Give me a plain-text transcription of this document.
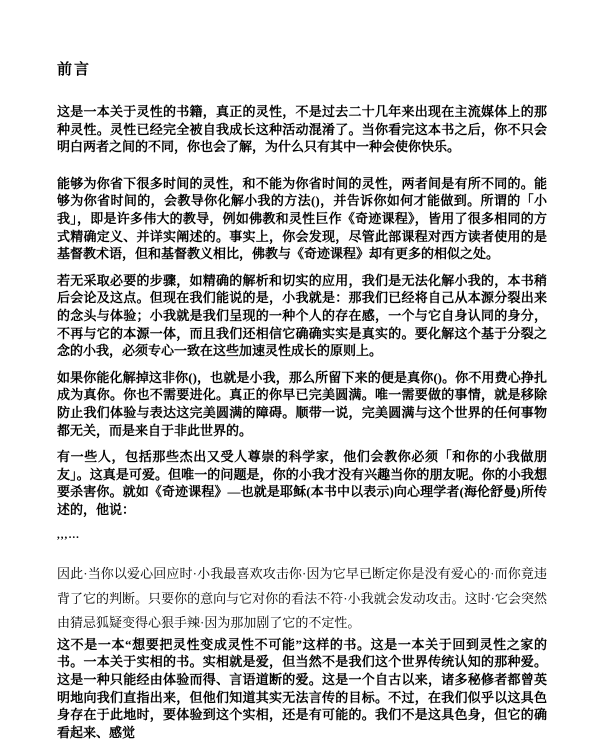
前言

这是一本关于灵性的书籍，真正的灵性，不是过去二十几年来出现在主流媒体上的那种灵性。灵性已经完全被自我成长这种活动混淆了。当你看完这本书之后，你不只会明白两者之间的不同，你也会了解，为什么只有其中一种会使你快乐。

能够为你省下很多时间的灵性，和不能为你省时间的灵性，两者间是有所不同的。能够为你省时间的，会教导你化解小我的方法()，并告诉你如何才能做到。所谓的「小我」，即是许多伟大的教导，例如佛教和灵性巨作《奇迹课程》，皆用了很多相同的方式精确定义、并详实阐述的。事实上，你会发现，尽管此部课程对西方读者使用的是基督教术语，但和基督教义相比，佛教与《奇迹课程》却有更多的相似之处。

若无采取必要的步骤，如精确的解析和切实的应用，我们是无法化解小我的，本书稍后会论及这点。但现在我们能说的是，小我就是：那我们已经将自己从本源分裂出来的念头与体验；小我就是我们呈现的一种个人的存在感，一个与它自身认同的身分，不再与它的本源一体，而且我们还相信它确确实实是真实的。要化解这个基于分裂之念的小我，必须专心一致在这些加速灵性成长的原则上。

如果你能化解掉这非你()，也就是小我，那么所留下来的便是真你()。你不用费心挣扎成为真你。你也不需要进化。真正的你早已完美圆满。唯一需要做的事情，就是移除防止我们体验与表达这完美圆满的障碍。顺带一说，完美圆满与这个世界的任何事物都无关，而是来自于非此世界的。

有一些人，包括那些杰出又受人尊崇的科学家，他们会教你必须「和你的小我做朋友」。这真是可爱。但唯一的问题是，你的小我才没有兴趣当你的朋友呢。你的小我想要杀害你。就如《奇迹课程》—也就是耶稣(本书中以表示)向心理学者(海伦舒曼)所传述的，他说：

,,,…

因此·当你以爱心回应时·小我最喜欢攻击你·因为它早已断定你是没有爱心的·而你竟违背了它的判断。只要你的意向与它对你的看法不符·小我就会发动攻击。这时·它会突然由猜忌狐疑变得心狠手辣·因为那加剧了它的不定性。

这不是一本“想要把灵性变成灵性不可能”这样的书。这是一本关于回到灵性之家的书。一本关于实相的书。实相就是爱，但当然不是我们这个世界传统认知的那种爱。这是一种只能经由体验而得、言语道断的爱。这是一个自古以来，诸多秘修者都曾英明地向我们直指出来，但他们知道其实无法言传的目标。不过，在我们似乎以这具色身存在于此地时，要体验到这个实相，还是有可能的。我们不是这具色身，但它的确看起来、感觉
